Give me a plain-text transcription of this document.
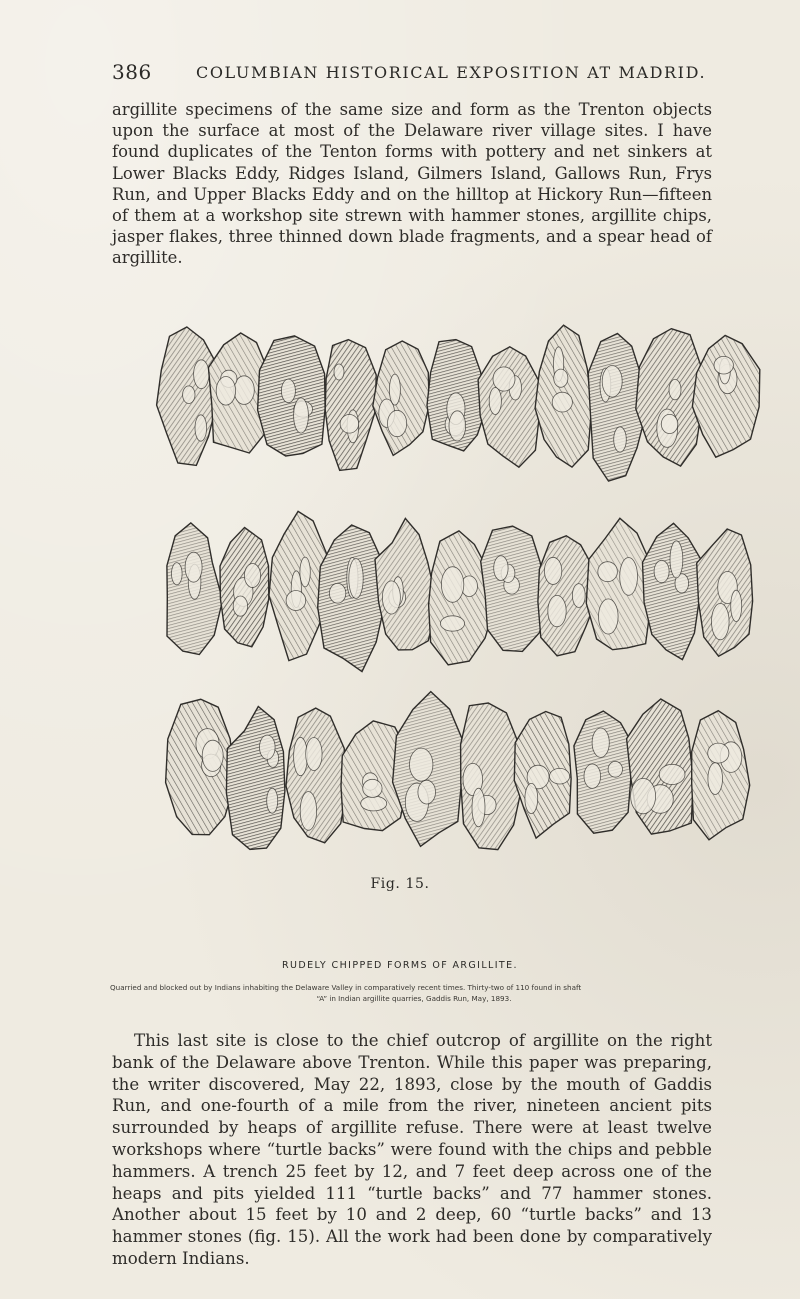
386	COLUMBIAN HISTORICAL EXPOSITION AT MADRID.

argillite specimens of the same size and form as the Trenton objects upon the surface at most of the Delaware river village sites. I have found duplicates of the Tenton forms with pottery and net sinkers at Lower Blacks Eddy, Ridges Island, Gilmers Island, Gallows Run, Frys Run, and Upper Blacks Eddy and on the hilltop at Hickory Run—fifteen of them at a workshop site strewn with hammer stones, argillite chips, jasper flakes, three thinned down blade fragments, and a spear head of argillite.

Fig. 15.
RUDELY CHIPPED FORMS OF ARGILLITE.
Quarried and blocked out by Indians inhabiting the Delaware Valley in comparatively recent times. Thirty-two of 110 found in shaft
“A” in Indian argillite quarries, Gaddis Run, May, 1893.

This last site is close to the chief outcrop of argillite on the right bank of the Delaware above Trenton. While this paper was preparing, the writer discovered, May 22, 1893, close by the mouth of Gaddis Run, and one-fourth of a mile from the river, nineteen ancient pits surrounded by heaps of argillite refuse. There were at least twelve workshops where “turtle backs” were found with the chips and pebble hammers. A trench 25 feet by 12, and 7 feet deep across one of the heaps and pits yielded 111 “turtle backs” and 77 hammer stones. Another about 15 feet by 10 and 2 deep, 60 “turtle backs” and 13 hammer stones (fig. 15). All the work had been done by comparatively modern Indians.
